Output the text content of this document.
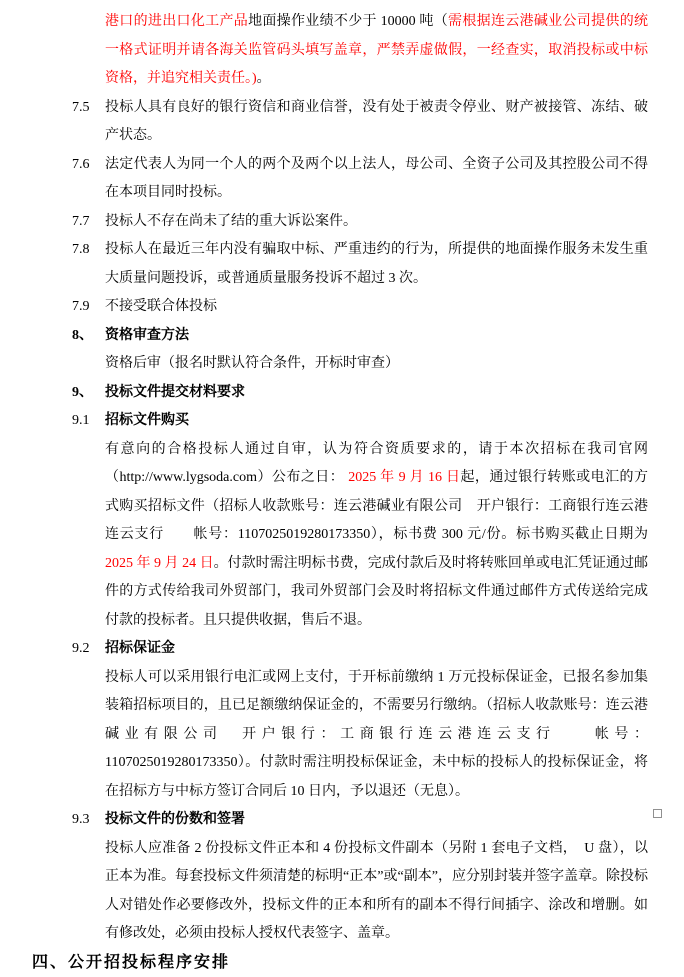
港口的进出口化工产品地面操作业绩不少于 10000 吨（需根据连云港碱业公司提供的统一格式证明并请各海关监管码头填写盖章，严禁弄虚做假，一经查实，取消投标或中标资格，并追究相关责任。)。
7.5	投标人具有良好的银行资信和商业信誉，没有处于被责令停业、财产被接管、冻结、破产状态。
7.6	法定代表人为同一个人的两个及两个以上法人，母公司、全资子公司及其控股公司不得在本项目同时投标。
7.7	投标人不存在尚未了结的重大诉讼案件。
7.8	投标人在最近三年内没有骗取中标、严重违约的行为，所提供的地面操作服务未发生重大质量问题投诉，或普通质量服务投诉不超过 3 次。
7.9	不接受联合体投标
8、 资格审查方法
资格后审（报名时默认符合条件，开标时审查）
9、 投标文件提交材料要求
9.1	招标文件购买
有意向的合格投标人通过自审，认为符合资质要求的，请于本次招标在我司官网（http://www.lygsoda.com）公布之日： 2025 年 9 月 16 日起，通过银行转账或电汇的方式购买招标文件（招标人收款账号：连云港碱业有限公司　开户银行：工商银行连云港连云支行　　帐号：1107025019280173350），标书费 300 元/份。标书购买截止日期为 2025 年 9 月 24 日。付款时需注明标书费，完成付款后及时将转账回单或电汇凭证通过邮件的方式传给我司外贸部门，我司外贸部门会及时将招标文件通过邮件方式传送给完成付款的投标者。且只提供收据，售后不退。
9.2	招标保证金
投标人可以采用银行电汇或网上支付，于开标前缴纳 1 万元投标保证金，已报名参加集装箱招标项目的，且已足额缴纳保证金的，不需要另行缴纳。（招标人收款账号：连云港碱业有限公司　开户银行：工商银行连云港连云支行　　帐号：1107025019280173350）。付款时需注明投标保证金，未中标的投标人的投标保证金，将在招标方与中标方签订合同后 10 日内，予以退还（无息）。
9.3	投标文件的份数和签署
投标人应准备 2 份投标文件正本和 4 份投标文件副本（另附 1 套电子文档，　U 盘），以正本为准。每套投标文件须清楚的标明“正本”或“副本”，应分别封装并签字盖章。除投标人对错处作必要修改外，投标文件的正本和所有的副本不得行间插字、涂改和增删。如有修改处，必须由投标人授权代表签字、盖章。
四、公开招投标程序安排
